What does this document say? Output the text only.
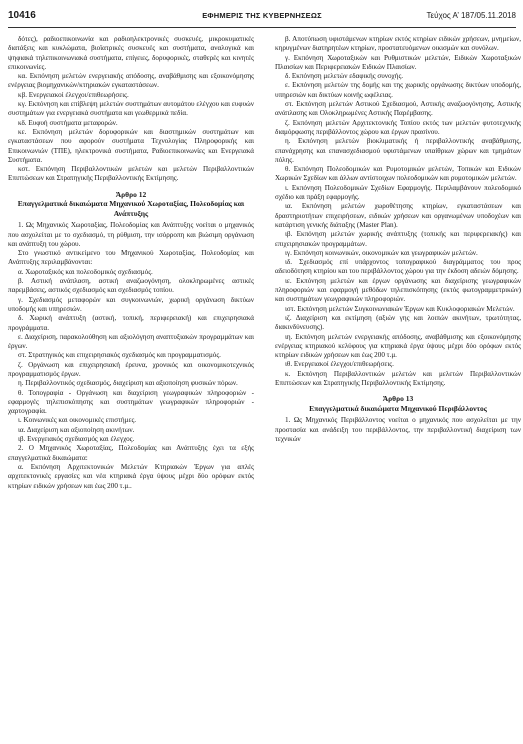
10416	ΕΦΗΜΕΡΙΣ ΤΗΣ ΚΥΒΕΡΝΗΣΕΩΣ	Τεύχος Α’ 187/05.11.2018

δότες), ραδιοεπικοινωνία και ραδιοηλεκτρονικές συσκευές, μικροκυματικές διατάξεις και κυκλώματα, βιοϊατρικές συσκευές και συστήματα, αναλογικά και ψηφιακά τηλεπικοινωνιακά συστήματα, επίγειες, δορυφορικές, σταθερές και κινητές επικοινωνίες.

κα. Εκπόνηση μελετών ενεργειακής απόδοσης, αναβάθμισης και εξοικονόμησης ενέργειας βιομηχανικών/κτηριακών εγκαταστάσεων.

κβ. Ενεργειακοί έλεγχοι/επιθεωρήσεις.

κγ. Εκπόνηση και επίβλεψη μελετών συστημάτων αυτομάτου ελέγχου και ευφυών συστημάτων για ενεργειακά συστήματα και γεωθερμικά πεδία.

κδ. Ευφυή συστήματα μεταφορών.

κε. Εκπόνηση μελετών δορυφορικών και διαστημικών συστημάτων και εγκαταστάσεων που αφορούν συστήματα Τεχνολογίας Πληροφορικής και Επικοινωνιών (ΤΠΕ), ηλεκτρονικά συστήματα, Ραδιοεπικοινωνίες και Ενεργειακά Συστήματα.

κστ. Εκπόνηση Περιβαλλοντικών μελετών και μελετών Περιβαλλοντικών Επιπτώσεων και Στρατηγικής Περιβαλλοντικής Εκτίμησης.

Άρθρο 12
Επαγγελματικά δικαιώματα Μηχανικού Χωροταξίας, Πολεοδομίας και Ανάπτυξης

1. Ως Μηχανικός Χωροταξίας, Πολεοδομίας και Ανάπτυξης νοείται ο μηχανικός που ασχολείται με το σχεδιασμό, τη ρύθμιση, την ισόρροπη και βιώσιμη οργάνωση και ανάπτυξη του χώρου.

Στο γνωστικό αντικείμενο του Μηχανικού Χωροταξίας, Πολεοδομίας και Ανάπτυξης περιλαμβάνονται:

α. Χωροταξικός και πολεοδομικός σχεδιασμός.

β. Αστική ανάπλαση, αστική αναζωογόνηση, ολοκληρωμένες αστικές παρεμβάσεις, αστικός σχεδιασμός και σχεδιασμός τοπίου.

γ. Σχεδιασμός μεταφορών και συγκοινωνιών, χωρική οργάνωση δικτύων υποδομής και υπηρεσιών.

δ. Χωρική ανάπτυξη (αστική, τοπική, περιφερειακή) και επιχειρησιακά προγράμματα.

ε. Διαχείριση, παρακολούθηση και αξιολόγηση αναπτυξιακών προγραμμάτων και έργων.

στ. Στρατηγικός και επιχειρησιακός σχεδιασμός και προγραμματισμός.

ζ. Οργάνωση και επιχειρησιακή έρευνα, χρονικός και οικονομικοτεχνικός προγραμματισμός έργων.

η. Περιβαλλοντικός σχεδιασμός, διαχείριση και αξιοποίηση φυσικών πόρων.

θ. Τοπογραφία - Οργάνωση και διαχείριση γεωγραφικών πληροφοριών - εφαρμογές τηλεπισκόπησης και συστημάτων γεωγραφικών πληροφοριών - χαρτογραφία.

ι. Κοινωνικές και οικονομικές επιστήμες.

ια. Διαχείριση και αξιοποίηση ακινήτων.

ιβ. Ενεργειακός σχεδιασμός και έλεγχος.

2. Ο Μηχανικός Χωροταξίας, Πολεοδομίας και Ανάπτυξης έχει τα εξής επαγγελματικά δικαιώματα:

α. Εκπόνηση Αρχιτεκτονικών Μελετών Κτηριακών Έργων για απλές αρχιτεκτονικές εργασίες και νέα κτηριακά έργα ύψους μέχρι δύο ορόφων εκτός κτηρίων ειδικών χρήσεων και έως 200 τ.μ..

β. Αποτύπωση υφιστάμενων κτηρίων εκτός κτηρίων ειδικών χρήσεων, μνημείων, κηρυγμένων διατηρητέων κτηρίων, προστατευόμενων οικισμών και συνόλων.

γ. Εκπόνηση Χωροταξικών και Ρυθμιστικών μελετών, Ειδικών Χωροταξικών Πλαισίων και Περιφερειακών Ειδικών Πλαισίων.

δ. Εκπόνηση μελετών εδαφικής συνοχής.

ε. Εκπόνηση μελετών της δομής και της χωρικής οργάνωσης δικτύων υποδομής, υπηρεσιών και δικτύων κοινής ωφέλειας.

στ. Εκπόνηση μελετών Αστικού Σχεδιασμού, Αστικής αναζωογόνησης, Αστικής ανάπλασης και Ολοκληρωμένες Αστικής Παρέμβασης.

ζ. Εκπόνηση μελετών Αρχιτεκτονικής Τοπίου εκτός των μελετών φυτοτεχνικής διαμόρφωσης περιβάλλοντος χώρου και έργων πρασίνου.

η. Εκπόνηση μελετών βιοκλιματικής ή περιβαλλοντικής αναβάθμισης, επανάχρησης και επανασχεδιασμού υφιστάμενων υπαίθριων χώρων και τμημάτων πόλης.

θ. Εκπόνηση Πολεοδομικών και Ρυμοτομικών μελετών, Τοπικών και Ειδικών Χωρικών Σχεδίων και άλλων αντίστοιχων πολεοδομικών και ρυμοτομικών μελετών.

ι. Εκπόνηση Πολεοδομικών Σχεδίων Εφαρμογής. Περιλαμβάνουν πολεοδομικό σχέδιο και πράξη εφαρμογής.

ια. Εκπόνηση μελετών χωροθέτησης κτηρίων, εγκαταστάσεων και δραστηριοτήτων επιχειρήσεων, ειδικών χρήσεων και οργανωμένων υποδοχέων και κατάρτιση γενικής διάταξης (Master Plan).

ιβ. Εκπόνηση μελετών χωρικής ανάπτυξης (τοπικής και περιφερειακής) και επιχειρησιακών προγραμμάτων.

ιγ. Εκπόνηση κοινωνικών, οικονομικών και γεωγραφικών μελετών.

ιδ. Σχεδιασμός επί υπάρχοντος τοπογραφικού διαγράμματος του προς αδειοδότηση κτηρίου και του περιβάλλοντος χώρου για την έκδοση αδειών δόμησης.

ιε. Εκπόνηση μελετών και έργων οργάνωσης και διαχείρισης γεωγραφικών πληροφοριών και εφαρμογή μεθόδων τηλεπισκόπησης (εκτός φωτογραμμετρικών) και συστημάτων γεωγραφικών πληροφοριών.

ιστ. Εκπόνηση μελετών Συγκοινωνιακών Έργων και Κυκλοφοριακών Μελετών.

ιζ. Διαχείριση και εκτίμηση (αξιών γης και λοιπών ακινήτων, τρωτότητας, διακινδύνευσης).

ιη. Εκπόνηση μελετών ενεργειακής απόδοσης, αναβάθμισης και εξοικονόμησης ενέργειας κτηριακού κελύφους για κτηριακά έργα ύψους μέχρι δύο ορόφων εκτός κτηρίων ειδικών χρήσεων και έως 200 τ.μ.

ιθ. Ενεργειακοί έλεγχοι/επιθεωρήσεις.

κ. Εκπόνηση Περιβαλλοντικών μελετών και μελετών Περιβαλλοντικών Επιπτώσεων και Στρατηγικής Περιβαλλοντικής Εκτίμησης.

Άρθρο 13
Επαγγελματικά δικαιώματα Μηχανικού Περιβάλλοντος

1. Ως Μηχανικός Περιβάλλοντος νοείται ο μηχανικός που ασχολείται με την προστασία και ανάδειξη του περιβάλλοντος, την περιβαλλοντική διαχείριση των τεχνικών
